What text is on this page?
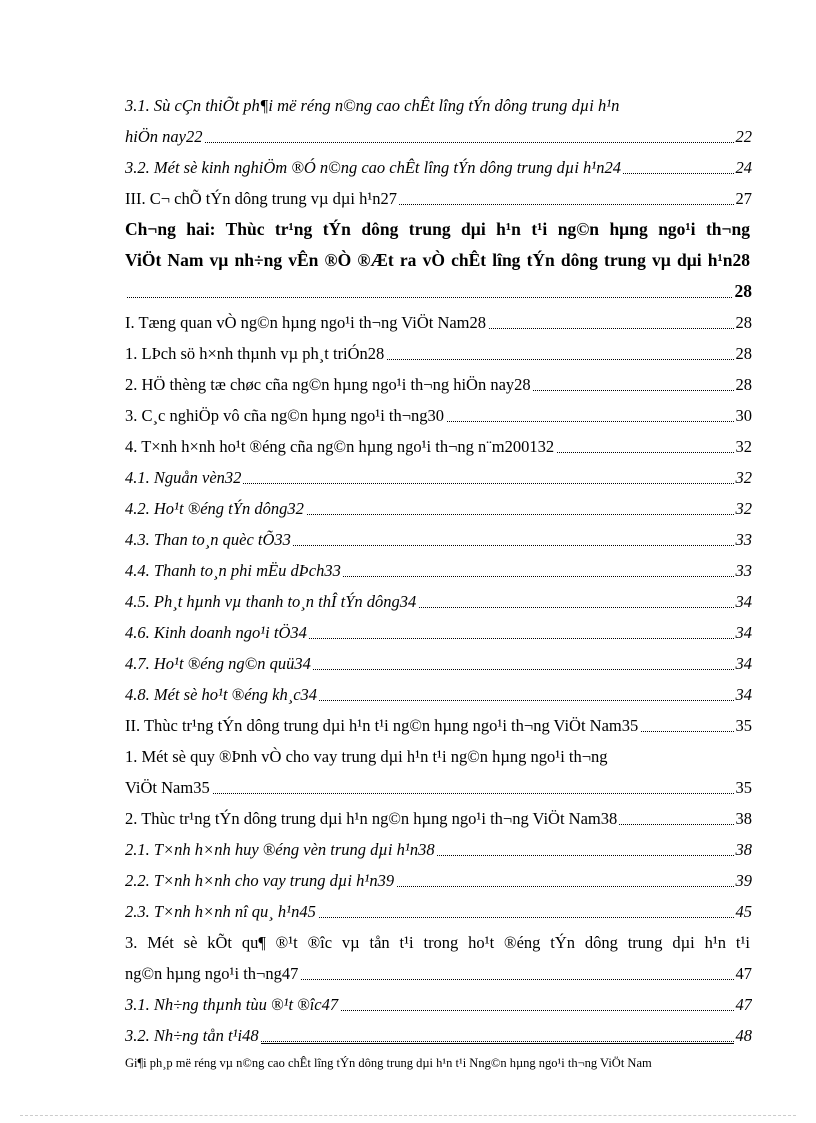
3.1. Sù cÇn thiÕt ph¶i më réng n©ng cao chÊt lîng tÝn dông trung dµi h¹n
hiÖn nay22	22
3.2. Mét sè kinh nghiÖm ®Ó n©ng cao chÊt lîng tÝn dông trung dµi h¹n24	24
III. C¬ chÕ tÝn dông trung vµ dµi h¹n27	27
Ch¬ng hai: Thùc tr¹ng tÝn dông trung dµi h¹n t¹i ng©n hµng ngo¹i th¬ng
ViÖt Nam vµ nh÷ng vÊn ®Ò ®Æt ra vÒ chÊt lîng tÝn dông trung vµ dµi h¹n28
28
I. Tæng quan vÒ ng©n hµng ngo¹i th¬ng ViÖt Nam28	28
1. LÞch sö h×nh thµnh vµ ph¸t triÓn28	28
2. HÖ thèng tæ chøc cña ng©n hµng ngo¹i th¬ng hiÖn nay28	28
3. C¸c nghiÖp vô cña ng©n hµng ngo¹i th¬ng30	30
4. T×nh h×nh ho¹t ®éng cña ng©n hµng ngo¹i th¬ng n¨m200132	32
4.1. Nguån vèn32	32
4.2. Ho¹t ®éng tÝn dông32	32
4.3. Than to¸n quèc tÕ33	33
4.4. Thanh to¸n phi mËu dÞch33	33
4.5. Ph¸t hµnh vµ thanh to¸n thÎ tÝn dông34	34
4.6. Kinh doanh ngo¹i tÖ34	34
4.7. Ho¹t ®éng ng©n quü34	34
4.8. Mét sè ho¹t ®éng kh¸c34	34
II. Thùc tr¹ng tÝn dông trung dµi h¹n t¹i ng©n hµng ngo¹i th¬ng ViÖt Nam35	35
1. Mét sè quy ®Þnh vÒ cho vay trung dµi h¹n t¹i ng©n hµng ngo¹i th¬ng
ViÖt Nam35	35
2. Thùc tr¹ng tÝn dông trung dµi h¹n ng©n hµng ngo¹i th¬ng ViÖt Nam38	38
2.1. T×nh h×nh huy ®éng vèn trung dµi h¹n38	38
2.2. T×nh h×nh cho vay trung dµi h¹n39	39
2.3. T×nh h×nh nî qu¸ h¹n45	45
3. Mét sè kÕt qu¶ ®¹t ®îc vµ tån t¹i trong ho¹t ®éng tÝn dông trung dµi h¹n t¹i
ng©n hµng ngo¹i th¬ng47	47
3.1. Nh÷ng thµnh tùu ®¹t ®îc47	47
3.2. Nh÷ng tån t¹i48	48
Gi¶i ph¸p më réng vµ n©ng cao chÊt lîng tÝn dông trung dµi h¹n t¹i Nng©n hµng ngo¹i th¬ng ViÖt Nam
